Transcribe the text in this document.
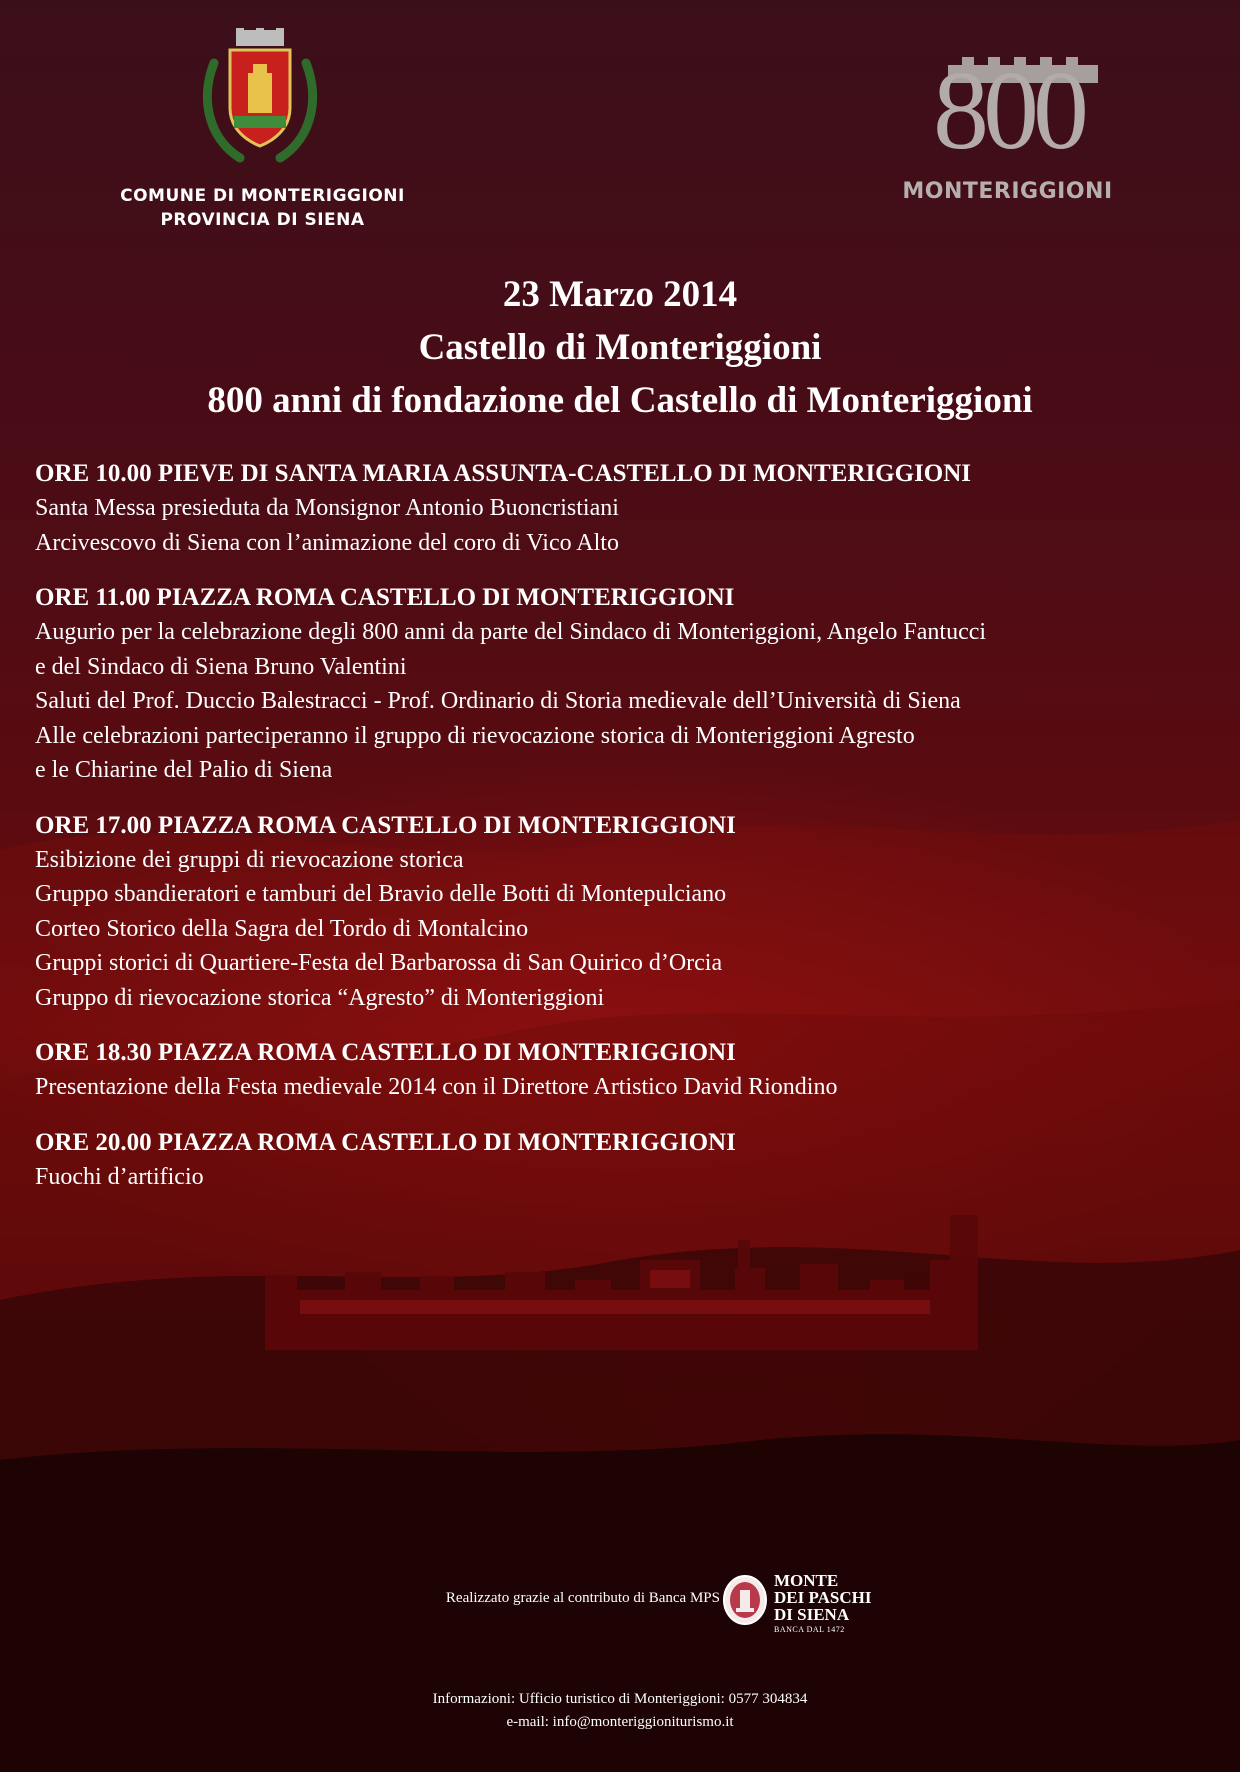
COMUNE DI MONTERIGGIONI
PROVINCIA DI SIENA
800
MONTERIGGIONI
23 Marzo 2014
Castello di Monteriggioni
800 anni di fondazione del Castello di Monteriggioni
ORE 10.00 PIEVE DI SANTA MARIA ASSUNTA-CASTELLO DI MONTERIGGIONI
Santa Messa presieduta da Monsignor Antonio Buoncristiani
Arcivescovo di Siena con l’animazione del coro di Vico Alto
ORE 11.00 PIAZZA ROMA CASTELLO DI MONTERIGGIONI
Augurio per la celebrazione degli 800 anni da parte del Sindaco di Monteriggioni, Angelo Fantucci
e del Sindaco di Siena Bruno Valentini
Saluti del Prof. Duccio Balestracci - Prof. Ordinario di Storia medievale dell’Università di Siena
Alle celebrazioni parteciperanno il gruppo di rievocazione storica di Monteriggioni Agresto
e le Chiarine del Palio di Siena
ORE 17.00 PIAZZA ROMA CASTELLO DI MONTERIGGIONI
Esibizione dei gruppi di rievocazione storica
Gruppo sbandieratori e tamburi del Bravio delle Botti di Montepulciano
Corteo Storico della Sagra del Tordo di Montalcino
Gruppi storici di Quartiere-Festa del Barbarossa di San Quirico d’Orcia
Gruppo di rievocazione storica “Agresto” di Monteriggioni
ORE 18.30 PIAZZA ROMA CASTELLO DI MONTERIGGIONI
Presentazione della Festa medievale 2014 con il Direttore Artistico David Riondino
ORE 20.00 PIAZZA ROMA CASTELLO DI MONTERIGGIONI
Fuochi d’artificio
Realizzato grazie al contributo di Banca MPS
MONTE
DEI PASCHI
DI SIENA
BANCA DAL 1472
Informazioni: Ufficio turistico di Monteriggioni: 0577 304834
e-mail: info@monteriggioniturismo.it
